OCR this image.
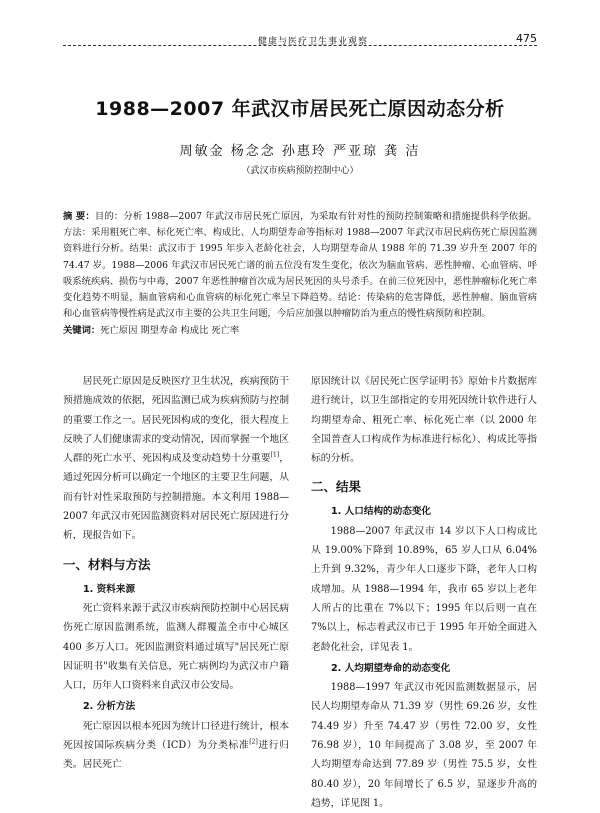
健康与医疗卫生事业观察	475
1988—2007 年武汉市居民死亡原因动态分析
周敏金 杨念念 孙惠玲 严亚琼 龚 洁
（武汉市疾病预防控制中心）
摘 要：目的：分析 1988—2007 年武汉市居民死亡原因，为采取有针对性的预防控制策略和措施提供科学依据。方法：采用粗死亡率、标化死亡率、构成比、人均期望寿命等指标对 1988—2007 年武汉市居民病伤死亡原因监测资料进行分析。结果：武汉市于 1995 年步入老龄化社会，人均期望寿命从 1988 年的 71.39 岁升至 2007 年的 74.47 岁。1988—2006 年武汉市居民死亡谱的前五位没有发生变化，依次为脑血管病、恶性肿瘤、心血管病、呼吸系统疾病、损伤与中毒，2007 年恶性肿瘤首次成为居民死因的头号杀手。在前三位死因中，恶性肿瘤标化死亡率变化趋势不明显，脑血管病和心血管病的标化死亡率呈下降趋势。结论：传染病的危害降低，恶性肿瘤、脑血管病和心血管病等慢性病是武汉市主要的公共卫生问题，今后应加强以肿瘤防治为重点的慢性病预防和控制。
关键词：死亡原因 期望寿命 构成比 死亡率

居民死亡原因是反映医疗卫生状况，疾病预防干预措施成效的依据，死因监测已成为疾病预防与控制的重要工作之一。居民死因构成的变化，很大程度上反映了人们健康需求的变动情况，因而掌握一个地区人群的死亡水平、死因构成及变动趋势十分重要[1]，通过死因分析可以确定一个地区的主要卫生问题，从而有针对性采取预防与控制措施。本文利用 1988—2007 年武汉市死因监测资料对居民死亡原因进行分析，现报告如下。

一、材料与方法
1. 资料来源

死亡资料来源于武汉市疾病预防控制中心居民病伤死亡原因监测系统，监测人群覆盖全市中心城区 400 多万人口。死因监测资料通过填写"居民死亡原因证明书"收集有关信息，死亡病例均为武汉市户籍人口，历年人口资料来自武汉市公安局。

2. 分析方法

死亡原因以根本死因为统计口径进行统计，根本死因按国际疾病分类（ICD）为分类标准[2]进行归类。居民死亡

原因统计以《居民死亡医学证明书》原始卡片数据库进行统计，以卫生部指定的专用死因统计软件进行人均期望寿命、粗死亡率、标化死亡率（以 2000 年全国普查人口构成作为标准进行标化）、构成比等指标的分析。

二、结果
1. 人口结构的动态变化

1988—2007 年武汉市 14 岁以下人口构成比从 19.00%下降到 10.89%，65 岁人口从 6.04%上升到 9.32%，青少年人口逐步下降，老年人口构成增加。从 1988—1994 年，我市 65 岁以上老年人所占的比重在 7%以下；1995 年以后则一直在 7%以上，标志着武汉市已于 1995 年开始全面进入老龄化社会，详见表 1。

2. 人均期望寿命的动态变化

1988—1997 年武汉市死因监测数据显示，居民人均期望寿命从 71.39 岁（男性 69.26 岁，女性 74.49 岁）升至 74.47 岁（男性 72.00 岁，女性 76.98 岁），10 年间提高了 3.08 岁，至 2007 年人均期望寿命达到 77.89 岁（男性 75.5 岁，女性 80.40 岁），20 年间增长了 6.5 岁，显逐步升高的趋势，详见图 1。
